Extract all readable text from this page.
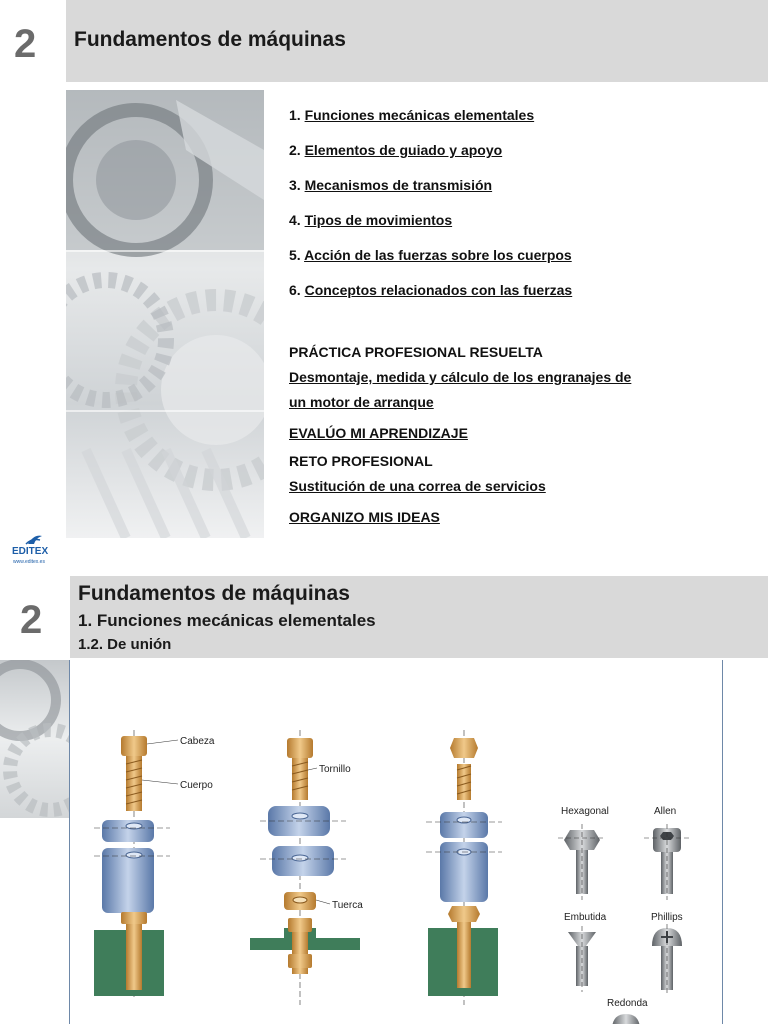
2 Fundamentos de máquinas
1. Funciones mecánicas elementales
2. Elementos de guiado y apoyo
3. Mecanismos de transmisión
4. Tipos de movimientos
5. Acción de las fuerzas sobre los cuerpos
6. Conceptos relacionados con las fuerzas
PRÁCTICA PROFESIONAL RESUELTA
Desmontaje, medida y cálculo de los engranajes de
un motor de arranque
EVALÚO MI APRENDIZAJE
RETO PROFESIONAL
Sustitución de una correa de servicios
ORGANIZO MIS IDEAS
EDITEX
www.editex.es
2
Fundamentos de máquinas
1. Funciones mecánicas elementales
1.2. De unión
Cabeza
Cuerpo
Tornillo
Tuerca
Hexagonal	Allen
Embutida	Phillips
Redonda
